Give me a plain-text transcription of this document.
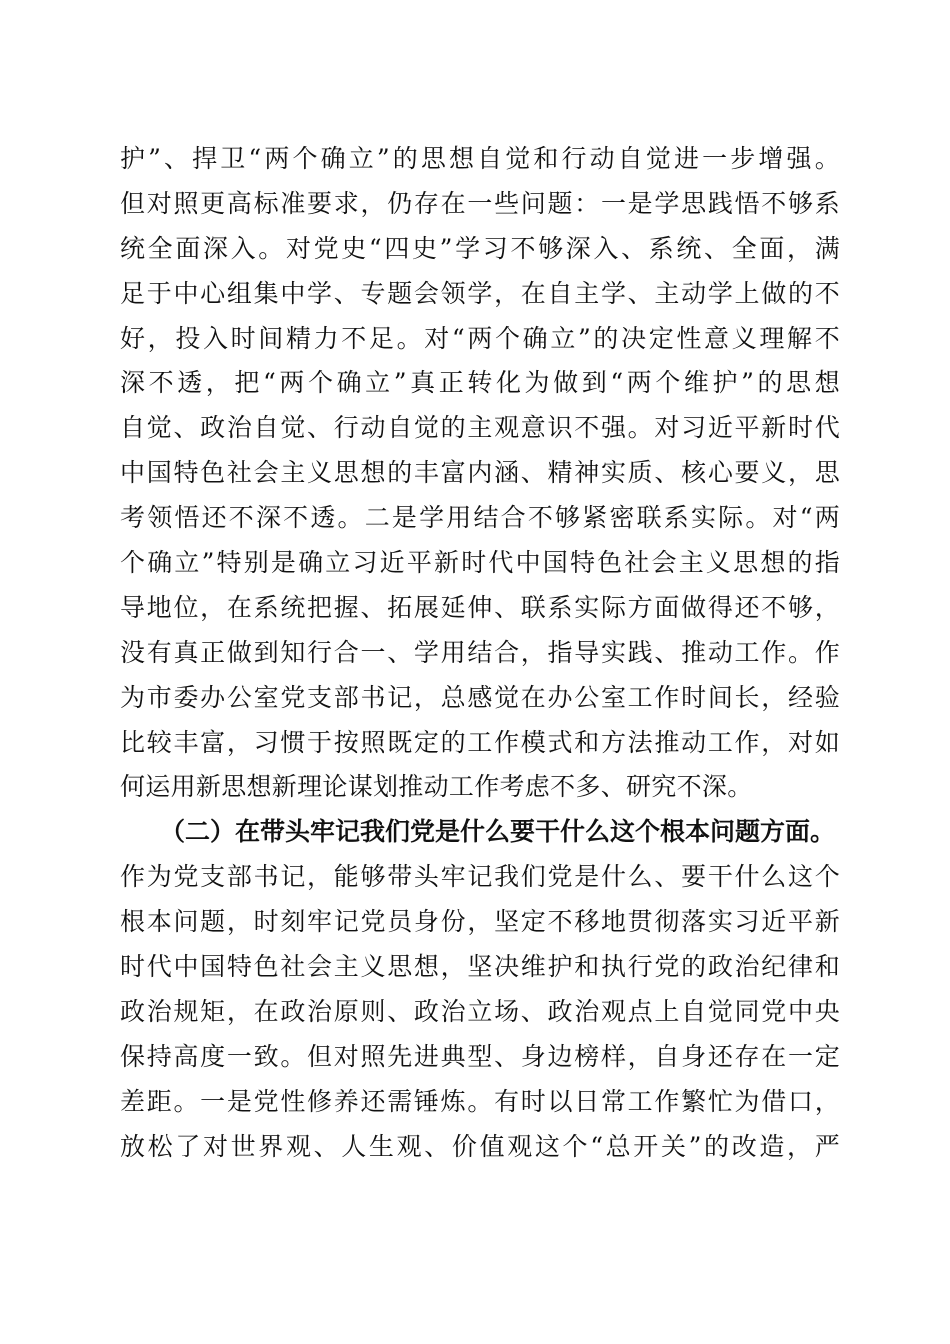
护”、捍卫“两个确立”的思想自觉和行动自觉进一步增强。
但对照更高标准要求，仍存在一些问题：一是学思践悟不够系
统全面深入。对党史“四史”学习不够深入、系统、全面，满
足于中心组集中学、专题会领学，在自主学、主动学上做的不
好，投入时间精力不足。对“两个确立”的决定性意义理解不
深不透，把“两个确立”真正转化为做到“两个维护”的思想
自觉、政治自觉、行动自觉的主观意识不强。对习近平新时代
中国特色社会主义思想的丰富内涵、精神实质、核心要义，思
考领悟还不深不透。二是学用结合不够紧密联系实际。对“两
个确立”特别是确立习近平新时代中国特色社会主义思想的指
导地位，在系统把握、拓展延伸、联系实际方面做得还不够，
没有真正做到知行合一、学用结合，指导实践、推动工作。作
为市委办公室党支部书记，总感觉在办公室工作时间长，经验
比较丰富，习惯于按照既定的工作模式和方法推动工作，对如
何运用新思想新理论谋划推动工作考虑不多、研究不深。
（二）在带头牢记我们党是什么要干什么这个根本问题方面。
作为党支部书记，能够带头牢记我们党是什么、要干什么这个
根本问题，时刻牢记党员身份，坚定不移地贯彻落实习近平新
时代中国特色社会主义思想，坚决维护和执行党的政治纪律和
政治规矩，在政治原则、政治立场、政治观点上自觉同党中央
保持高度一致。但对照先进典型、身边榜样，自身还存在一定
差距。一是党性修养还需锤炼。有时以日常工作繁忙为借口，
放松了对世界观、人生观、价值观这个“总开关”的改造，严
